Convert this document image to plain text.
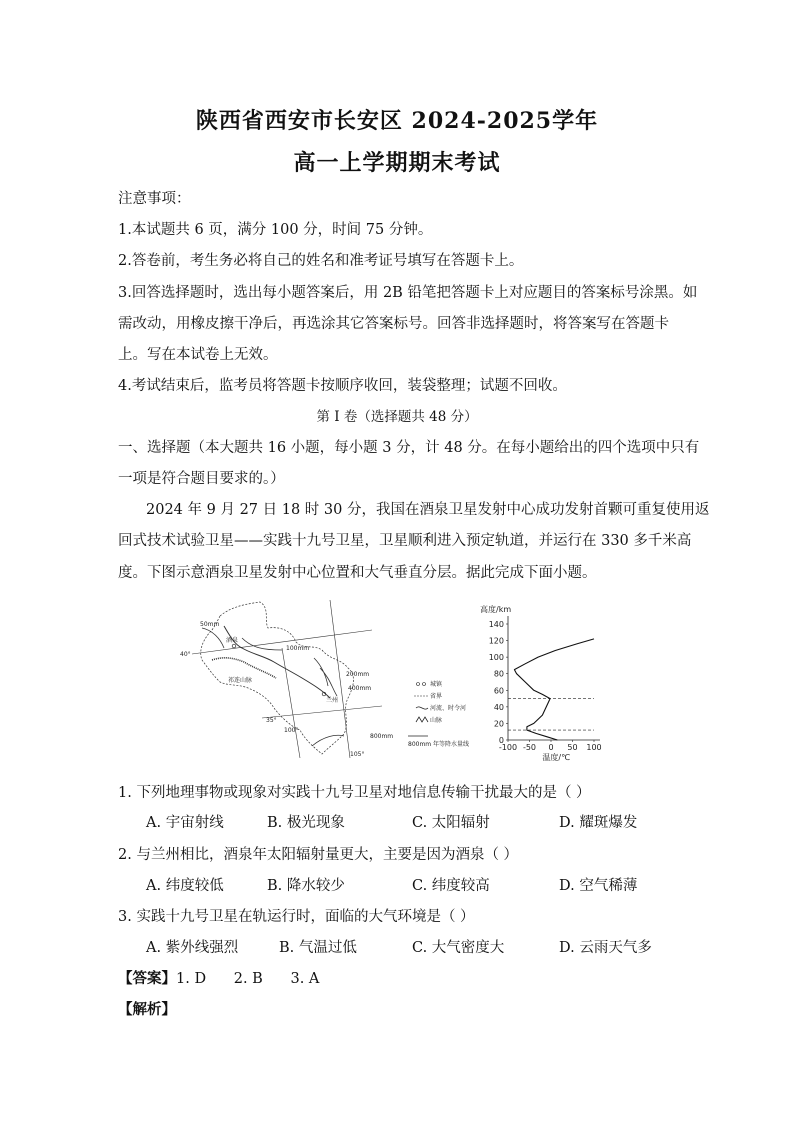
陕西省西安市长安区 2024-2025学年
高一上学期期末考试
注意事项：
1.本试题共 6 页，满分 100 分，时间 75 分钟。
2.答卷前，考生务必将自己的姓名和准考证号填写在答题卡上。
3.回答选择题时，选出每小题答案后，用 2B 铅笔把答题卡上对应题目的答案标号涂黑。如
需改动，用橡皮擦干净后，再选涂其它答案标号。回答非选择题时，将答案写在答题卡
上。写在本试卷上无效。
4.考试结束后，监考员将答题卡按顺序收回，装袋整理；试题不回收。
第 I 卷（选择题共 48 分）
一、选择题（本大题共 16 小题，每小题 3 分，计 48 分。在每小题给出的四个选项中只有
一项是符合题目要求的。）
2024 年 9 月 27 日 18 时 30 分，我国在酒泉卫星发射中心成功发射首颗可重复使用返
回式技术试验卫星——实践十九号卫星，卫星顺利进入预定轨道，并运行在 330 多千米高
度。下图示意酒泉卫星发射中心位置和大气垂直分层。据此完成下面小题。
50mm
40°
酒泉
100mm
祁连山脉
200mm
400mm
兰州
35°
100°
800mm
105°
城镇
省界
河流、时令河
山脉
800mm 年等降水量线
140
120
100
80
60
40
20
0
-100 -50 0 50 100
高度/km
温度/℃
1. 下列地理事物或现象对实践十九号卫星对地信息传输干扰最大的是（ ）
A. 宇宙射线	B. 极光现象	C. 太阳辐射	D. 耀斑爆发
2. 与兰州相比，酒泉年太阳辐射量更大，主要是因为酒泉（ ）
A. 纬度较低	B. 降水较少	C. 纬度较高	D. 空气稀薄
3. 实践十九号卫星在轨运行时，面临的大气环境是（ ）
A. 紫外线强烈	B. 气温过低	C. 大气密度大	D. 云雨天气多
【答案】1. D      2. B      3. A
【解析】
